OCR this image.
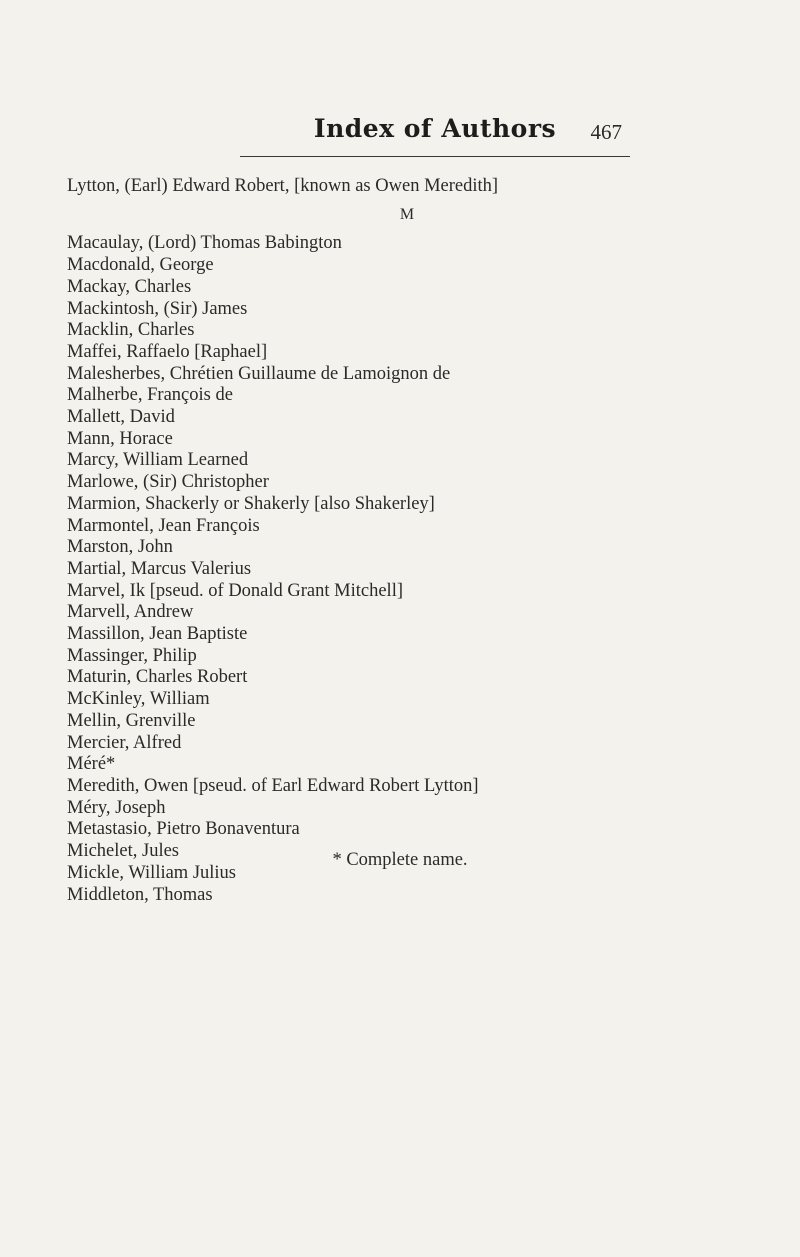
Index of Authors	467
Lytton, (Earl) Edward Robert, [known as Owen Meredith]
M
Macaulay, (Lord) Thomas Babington
Macdonald, George
Mackay, Charles
Mackintosh, (Sir) James
Macklin, Charles
Maffei, Raffaelo [Raphael]
Malesherbes, Chrétien Guillaume de Lamoignon de
Malherbe, François de
Mallett, David
Mann, Horace
Marcy, William Learned
Marlowe, (Sir) Christopher
Marmion, Shackerly or Shakerly [also Shakerley]
Marmontel, Jean François
Marston, John
Martial, Marcus Valerius
Marvel, Ik [pseud. of Donald Grant Mitchell]
Marvell, Andrew
Massillon, Jean Baptiste
Massinger, Philip
Maturin, Charles Robert
McKinley, William
Mellin, Grenville
Mercier, Alfred
Méré*
Meredith, Owen [pseud. of Earl Edward Robert Lytton]
Méry, Joseph
Metastasio, Pietro Bonaventura
Michelet, Jules
Mickle, William Julius
Middleton, Thomas
* Complete name.
